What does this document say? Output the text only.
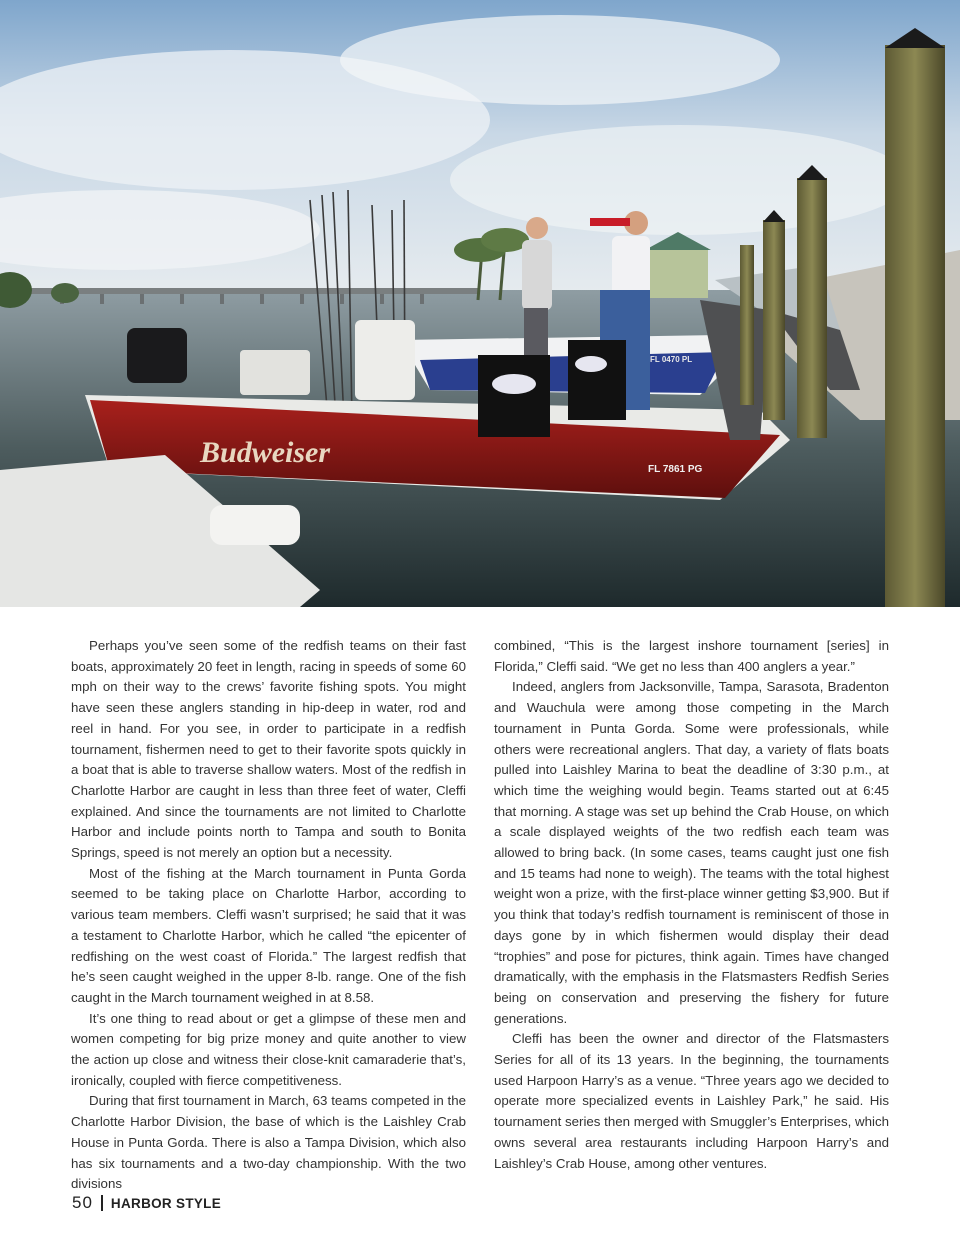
Budweiser
FL 7861 PG
FL 0470 PL

Perhaps you’ve seen some of the redfish teams on their fast boats, approximately 20 feet in length, racing in speeds of some 60 mph on their way to the crews’ favorite fishing spots. You might have seen these anglers standing in hip-deep in water, rod and reel in hand. For you see, in order to participate in a redfish tournament, fishermen need to get to their favorite spots quickly in a boat that is able to traverse shallow waters. Most of the redfish in Charlotte Harbor are caught in less than three feet of water, Cleffi explained. And since the tournaments are not limited to Charlotte Harbor and include points north to Tampa and south to Bonita Springs, speed is not merely an option but a necessity.

Most of the fishing at the March tournament in Punta Gorda seemed to be taking place on Charlotte Harbor, according to various team members. Cleffi wasn’t surprised; he said that it was a testament to Charlotte Harbor, which he called “the epicenter of redfishing on the west coast of Florida.” The largest redfish that he’s seen caught weighed in the upper 8-lb. range. One of the fish caught in the March tournament weighed in at 8.58.

It’s one thing to read about or get a glimpse of these men and women competing for big prize money and quite another to view the action up close and witness their close-knit camaraderie that’s, ironically, coupled with fierce competitiveness.

During that first tournament in March, 63 teams competed in the Charlotte Harbor Division, the base of which is the Laishley Crab House in Punta Gorda. There is also a Tampa Division, which also has six tournaments and a two-day championship. With the two divisions

combined, “This is the largest inshore tournament [series] in Florida,” Cleffi said. “We get no less than 400 anglers a year.”

Indeed, anglers from Jacksonville, Tampa, Sarasota, Bradenton and Wauchula were among those competing in the March tournament in Punta Gorda. Some were professionals, while others were recreational anglers. That day, a variety of flats boats pulled into Laishley Marina to beat the deadline of 3:30 p.m., at which time the weighing would begin. Teams started out at 6:45 that morning. A stage was set up behind the Crab House, on which a scale displayed weights of the two redfish each team was allowed to bring back. (In some cases, teams caught just one fish and 15 teams had none to weigh). The teams with the total highest weight won a prize, with the first-place winner getting $3,900. But if you think that today’s redfish tournament is reminiscent of those in days gone by in which fishermen would display their dead “trophies” and pose for pictures, think again. Times have changed dramatically, with the emphasis in the Flatsmasters Redfish Series being on conservation and preserving the fishery for future generations.

Cleffi has been the owner and director of the Flatsmasters Series for all of its 13 years. In the beginning, the tournaments used Harpoon Harry’s as a venue. “Three years ago we decided to operate more specialized events in Laishley Park,” he said. His tournament series then merged with Smuggler’s Enterprises, which owns several area restaurants including Harpoon Harry’s and Laishley’s Crab House, among other ventures.

50 HARBOR STYLE
